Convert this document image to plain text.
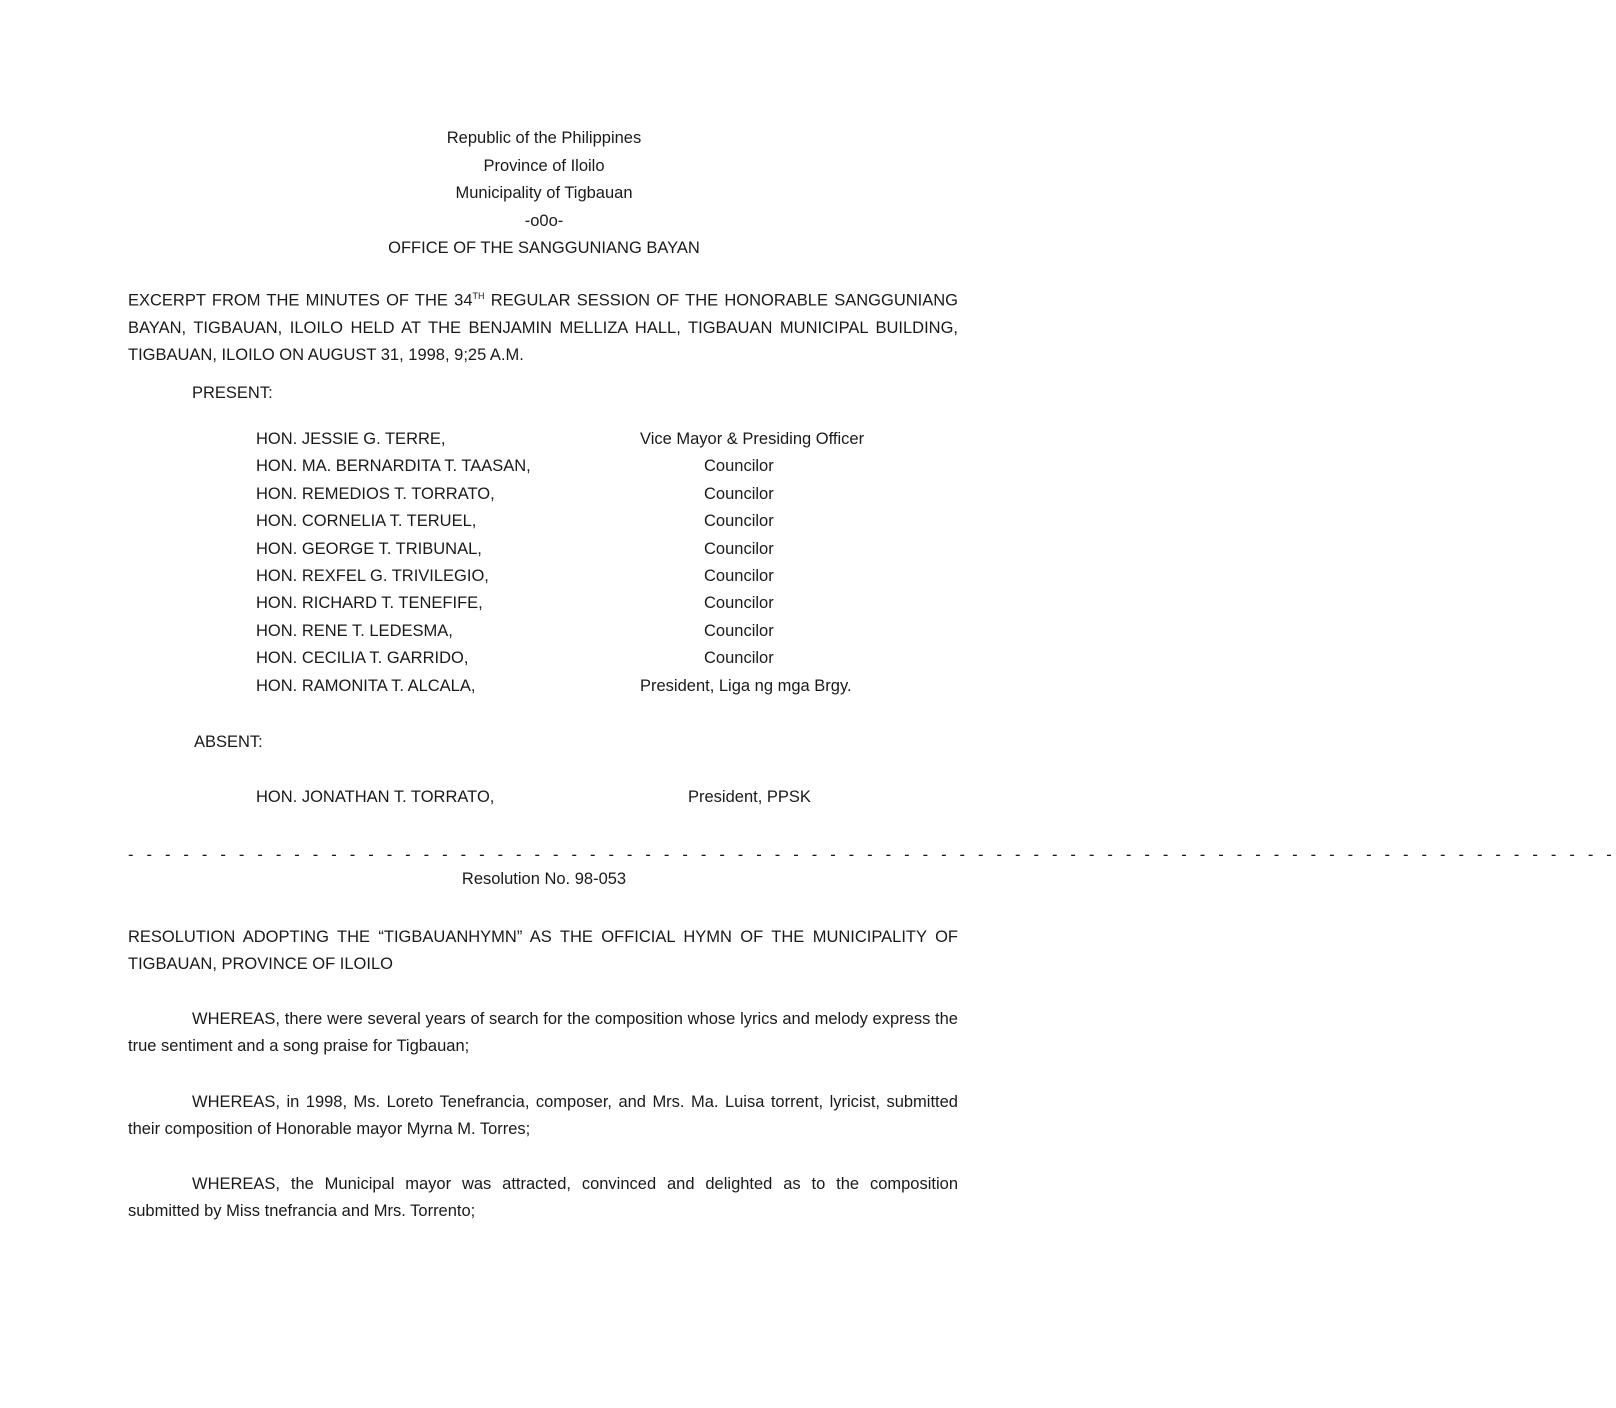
Republic of the Philippines
Province of Iloilo
Municipality of Tigbauan
-o0o-
OFFICE OF THE SANGGUNIANG BAYAN
EXCERPT FROM THE MINUTES OF THE 34TH REGULAR SESSION OF THE HONORABLE SANGGUNIANG BAYAN, TIGBAUAN, ILOILO HELD AT THE BENJAMIN MELLIZA HALL, TIGBAUAN MUNICIPAL BUILDING, TIGBAUAN, ILOILO ON AUGUST 31, 1998, 9;25 A.M.
PRESENT:
HON. JESSIE G. TERRE,	Vice Mayor & Presiding Officer
HON. MA. BERNARDITA T. TAASAN,	Councilor
HON. REMEDIOS T. TORRATO,	Councilor
HON. CORNELIA T. TERUEL,	Councilor
HON. GEORGE T. TRIBUNAL,	Councilor
HON. REXFEL G. TRIVILEGIO,	Councilor
HON. RICHARD T. TENEFIFE,	Councilor
HON. RENE T. LEDESMA,	Councilor
HON. CECILIA T. GARRIDO,	Councilor
HON. RAMONITA T. ALCALA,	President, Liga ng mga Brgy.
ABSENT:
HON. JONATHAN T. TORRATO,	President, PPSK
- - - - - - - - - - - - - - - - - - - - - - - - - - - - - - - - - - - - - - - - - - - - - - - - - - - - - - - - - - - - - - - - - - - - - - - - - - - - - - - - -
Resolution No. 98-053
RESOLUTION ADOPTING THE “TIGBAUANHYMN” AS THE OFFICIAL HYMN OF THE MUNICIPALITY OF TIGBAUAN, PROVINCE OF ILOILO
WHEREAS, there were several years of search for the composition whose lyrics and melody express the true sentiment and a song praise for Tigbauan;
WHEREAS, in 1998, Ms. Loreto Tenefrancia, composer, and Mrs. Ma. Luisa torrent, lyricist, submitted their composition of Honorable mayor Myrna M. Torres;
WHEREAS, the Municipal mayor was attracted, convinced and delighted as to the composition submitted by Miss tnefrancia and Mrs. Torrento;
